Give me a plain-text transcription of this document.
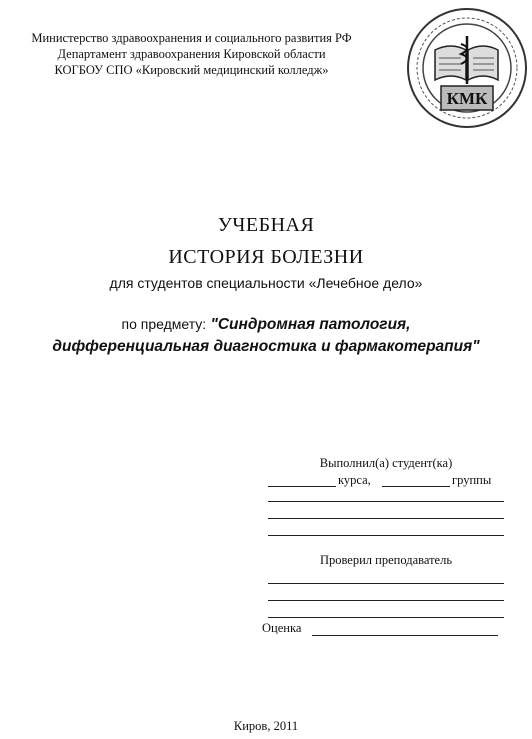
Министерство здравоохранения и социального развития РФ
Департамент здравоохранения Кировской области
КОГБОУ СПО «Кировский медицинский колледж»
КМК
УЧЕБНАЯ
ИСТОРИЯ БОЛЕЗНИ
для студентов специальности «Лечебное дело»
по предмету: "Синдромная патология,
дифференциальная диагностика и фармакотерапия"
Выполнил(а) студент(ка)
курса,	группы
Проверил преподаватель
Оценка
Киров, 2011
